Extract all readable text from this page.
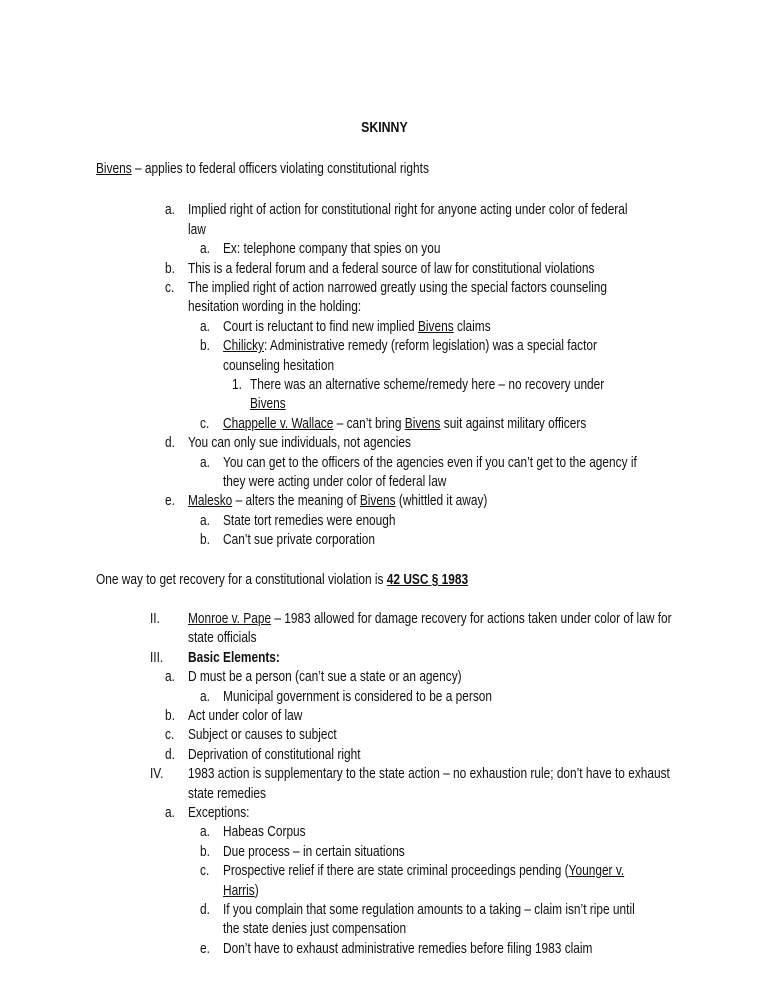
SKINNY
Bivens – applies to federal officers violating constitutional rights
a. Implied right of action for constitutional right for anyone acting under color of federal
law
a. Ex: telephone company that spies on you
b. This is a federal forum and a federal source of law for constitutional violations
c. The implied right of action narrowed greatly using the special factors counseling
hesitation wording in the holding:
a. Court is reluctant to find new implied Bivens claims
b. Chilicky: Administrative remedy (reform legislation) was a special factor
counseling hesitation
1. There was an alternative scheme/remedy here – no recovery under
Bivens
c. Chappelle v. Wallace – can’t bring Bivens suit against military officers
d. You can only sue individuals, not agencies
a. You can get to the officers of the agencies even if you can’t get to the agency if
they were acting under color of federal law
e. Malesko – alters the meaning of Bivens (whittled it away)
a. State tort remedies were enough
b. Can’t sue private corporation
One way to get recovery for a constitutional violation is 42 USC § 1983
II. Monroe v. Pape – 1983 allowed for damage recovery for actions taken under color of law for
state officials
III. Basic Elements:
a. D must be a person (can’t sue a state or an agency)
a. Municipal government is considered to be a person
b. Act under color of law
c. Subject or causes to subject
d. Deprivation of constitutional right
IV. 1983 action is supplementary to the state action – no exhaustion rule; don’t have to exhaust
state remedies
a. Exceptions:
a. Habeas Corpus
b. Due process – in certain situations
c. Prospective relief if there are state criminal proceedings pending (Younger v.
Harris)
d. If you complain that some regulation amounts to a taking – claim isn’t ripe until
the state denies just compensation
e. Don’t have to exhaust administrative remedies before filing 1983 claim
